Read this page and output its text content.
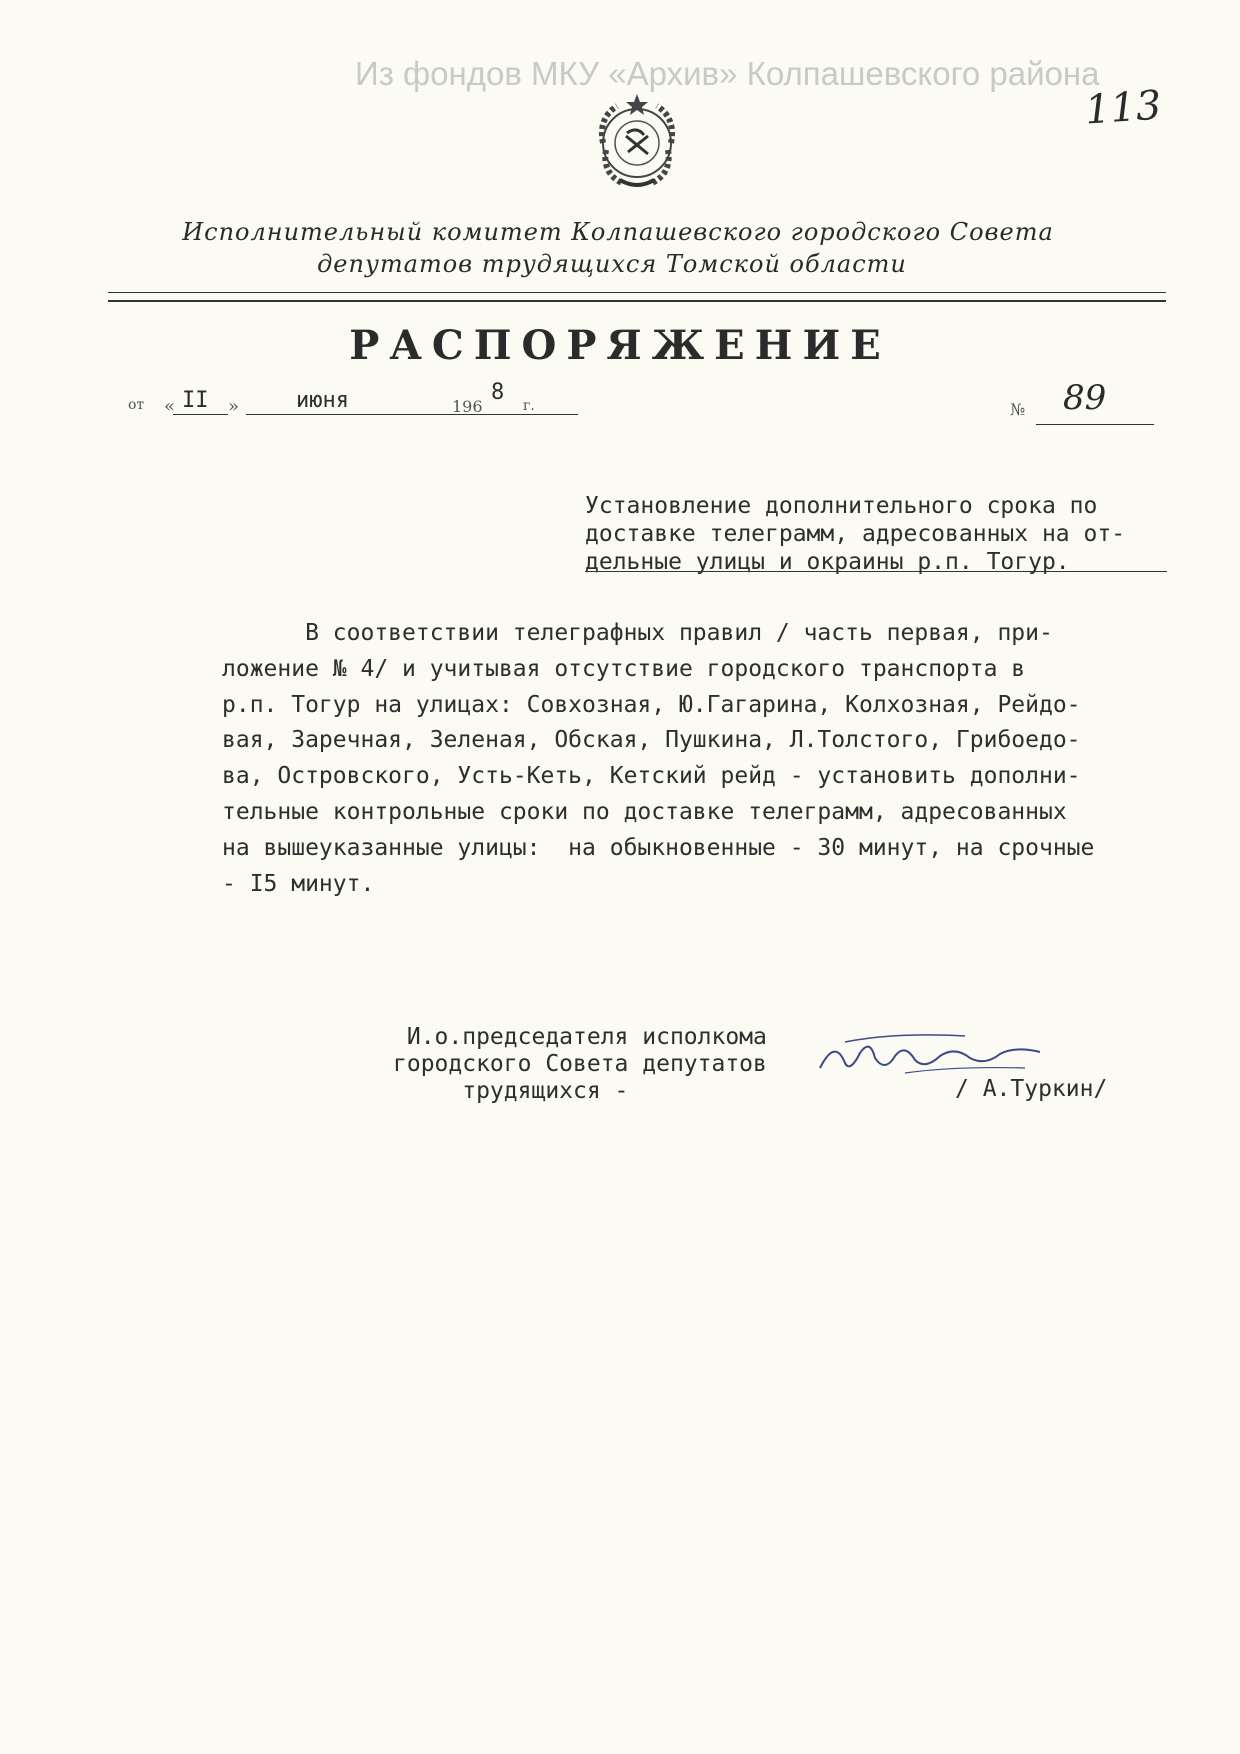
Из фондов МКУ «Архив» Колпашевского района
113
Исполнительный комитет Колпашевского городского Совета
депутатов трудящихся Томской области
РАСПОРЯЖЕНИЕ
от « II »	июня	196
8
г.	№ 89
Установление дополнительного срока по
доставке телеграмм, адресованных на от-
дельные улицы и окраины р.п. Тогур.
В соответствии телеграфных правил / часть первая, при-
ложение № 4/ и учитывая отсутствие городского транспорта в
р.п. Тогур на улицах: Совхозная, Ю.Гагарина, Колхозная, Рейдо-
вая, Заречная, Зеленая, Обская, Пушкина, Л.Толстого, Грибоедо-
ва, Островского, Усть-Кеть, Кетский рейд - установить дополни-
тельные контрольные сроки по доставке телеграмм, адресованных
на вышеуказанные улицы:  на обыкновенные - 30 минут, на срочные
- I5 минут.
И.о.председателя исполкома
городского Совета депутатов
трудящихся -	/ А.Туркин/
